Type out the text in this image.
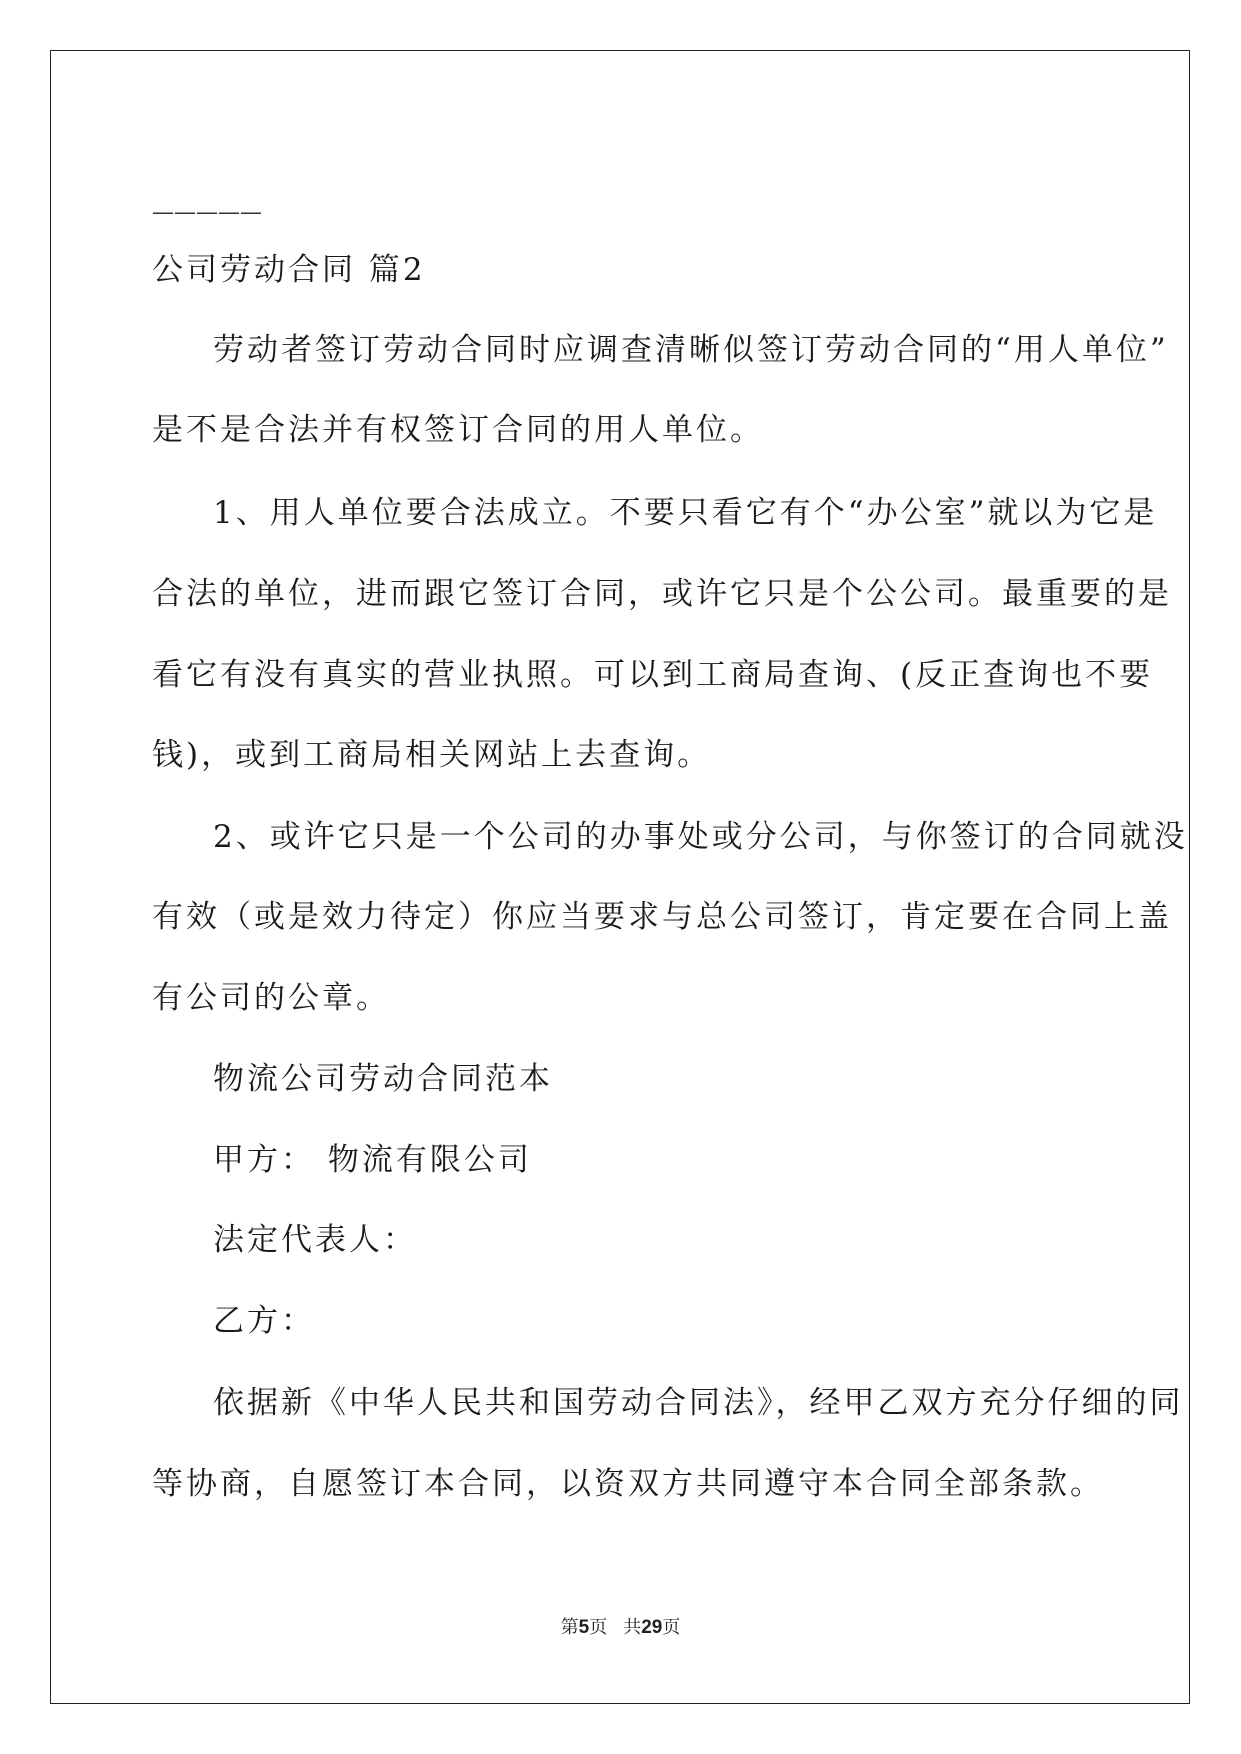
—————
公司劳动合同 篇2
劳动者签订劳动合同时应调查清晰似签订劳动合同的“用人单位”
是不是合法并有权签订合同的用人单位。
1、用人单位要合法成立。不要只看它有个“办公室”就以为它是
合法的单位，进而跟它签订合同，或许它只是个公公司。最重要的是
看它有没有真实的营业执照。可以到工商局查询、(反正查询也不要
钱)，或到工商局相关网站上去查询。
2、或许它只是一个公司的办事处或分公司，与你签订的合同就没
有效（或是效力待定）你应当要求与总公司签订，肯定要在合同上盖
有公司的公章。
物流公司劳动合同范本
甲方： 物流有限公司
法定代表人：
乙方：
依据新《中华人民共和国劳动合同法》，经甲乙双方充分仔细的同
等协商，自愿签订本合同，以资双方共同遵守本合同全部条款。
第5页 共29页
